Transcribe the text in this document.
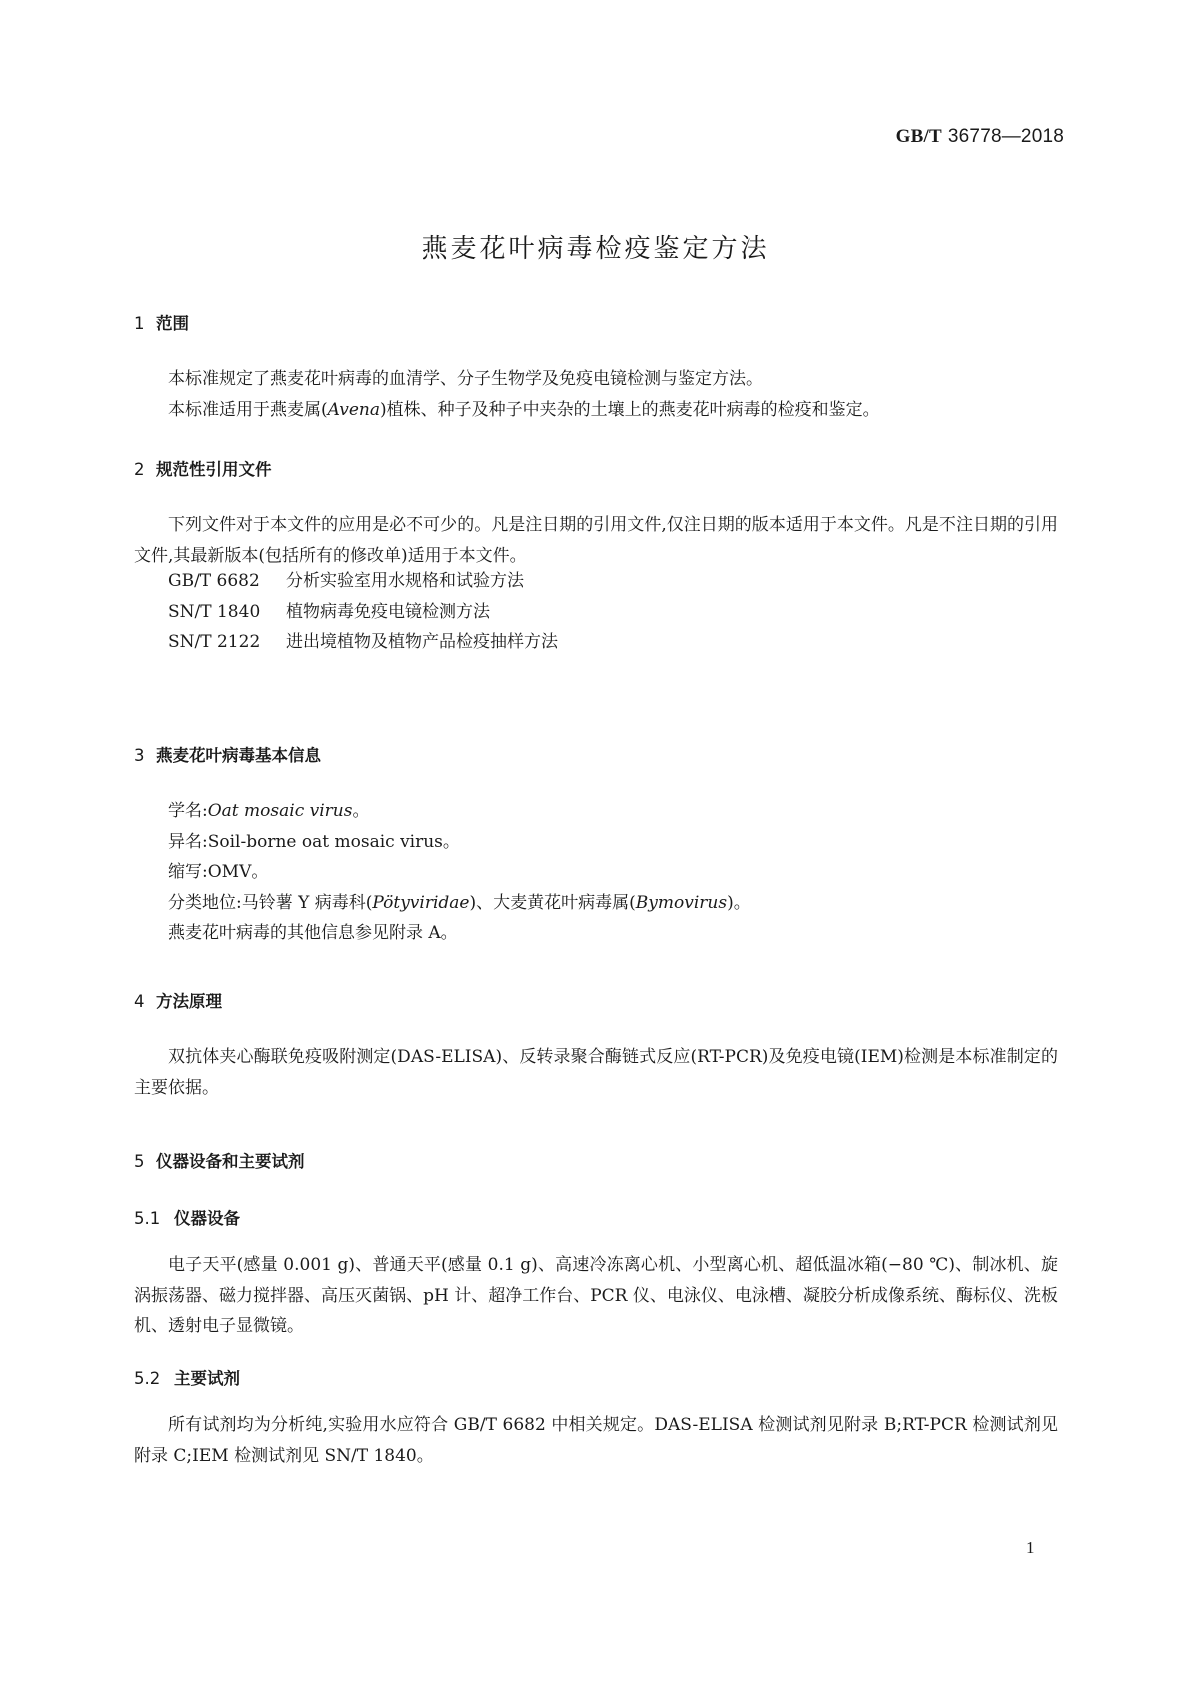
GB/T 36778—2018
燕麦花叶病毒检疫鉴定方法
1 范围
本标准规定了燕麦花叶病毒的血清学、分子生物学及免疫电镜检测与鉴定方法。
本标准适用于燕麦属(Avena)植株、种子及种子中夹杂的土壤上的燕麦花叶病毒的检疫和鉴定。
2 规范性引用文件
下列文件对于本文件的应用是必不可少的。凡是注日期的引用文件,仅注日期的版本适用于本文件。凡是不注日期的引用文件,其最新版本(包括所有的修改单)适用于本文件。
GB/T 6682	分析实验室用水规格和试验方法
SN/T 1840	植物病毒免疫电镜检测方法
SN/T 2122	进出境植物及植物产品检疫抽样方法
3 燕麦花叶病毒基本信息
学名:Oat mosaic virus。
异名:Soil-borne oat mosaic virus。
缩写:OMV。
分类地位:马铃薯 Y 病毒科(Pötyviridae)、大麦黄花叶病毒属(Bymovirus)。
燕麦花叶病毒的其他信息参见附录 A。
4 方法原理
双抗体夹心酶联免疫吸附测定(DAS-ELISA)、反转录聚合酶链式反应(RT-PCR)及免疫电镜(IEM)检测是本标准制定的主要依据。
5 仪器设备和主要试剂
5.1 仪器设备
电子天平(感量 0.001 g)、普通天平(感量 0.1 g)、高速冷冻离心机、小型离心机、超低温冰箱(−80 ℃)、制冰机、旋涡振荡器、磁力搅拌器、高压灭菌锅、pH 计、超净工作台、PCR 仪、电泳仪、电泳槽、凝胶分析成像系统、酶标仪、洗板机、透射电子显微镜。
5.2 主要试剂
所有试剂均为分析纯,实验用水应符合 GB/T 6682 中相关规定。DAS-ELISA 检测试剂见附录 B;RT-PCR 检测试剂见附录 C;IEM 检测试剂见 SN/T 1840。
1
